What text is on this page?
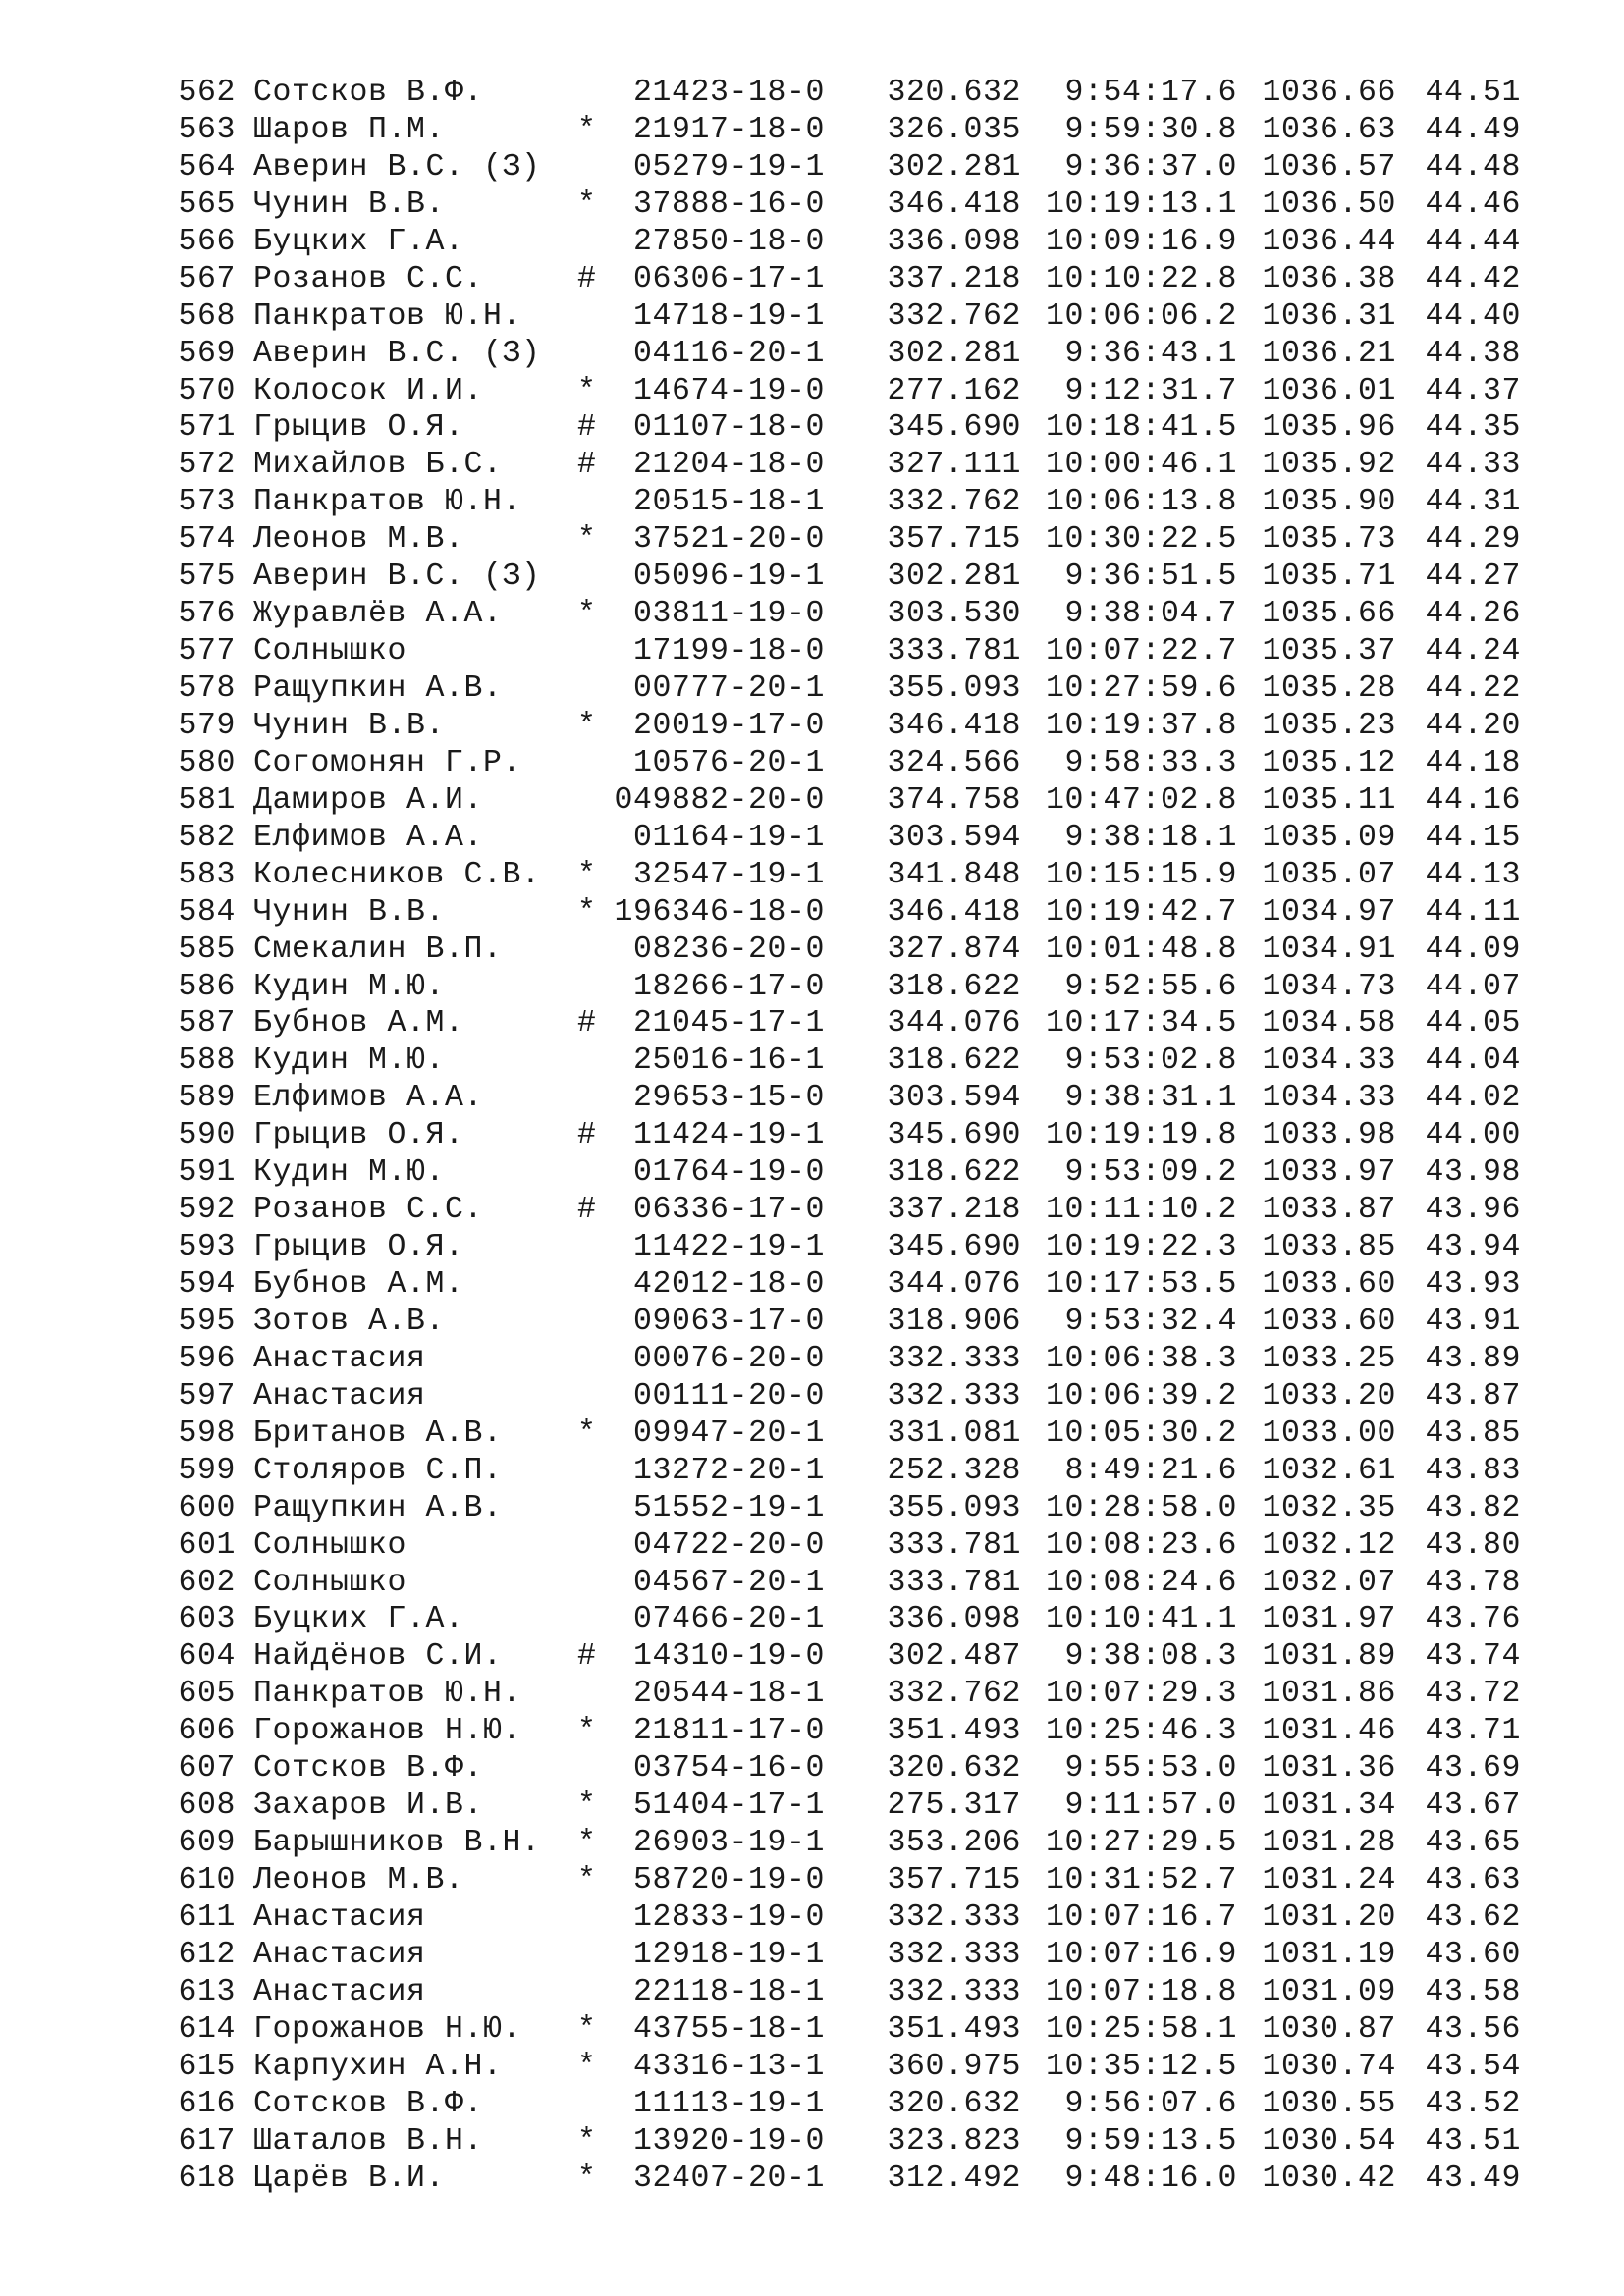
562 Сотсков В.Ф.	21423-18-0 320.632 9:54:17.6 1036.66 44.51
563 Шаров П.М.	* 21917-18-0 326.035 9:59:30.8 1036.63 44.49
564 Аверин В.С. (З)	05279-19-1 302.281 9:36:37.0 1036.57 44.48
565 Чунин В.В.	* 37888-16-0 346.418 10:19:13.1 1036.50 44.46
566 Буцких Г.А.	27850-18-0 336.098 10:09:16.9 1036.44 44.44
567 Розанов С.С.	# 06306-17-1 337.218 10:10:22.8 1036.38 44.42
568 Панкратов Ю.Н.	14718-19-1 332.762 10:06:06.2 1036.31 44.40
569 Аверин В.С. (З)	04116-20-1 302.281 9:36:43.1 1036.21 44.38
570 Колосок И.И.	* 14674-19-0 277.162 9:12:31.7 1036.01 44.37
571 Грыцив О.Я.	# 01107-18-0 345.690 10:18:41.5 1035.96 44.35
572 Михайлов Б.С. # 21204-18-0 327.111 10:00:46.1 1035.92 44.33
573 Панкратов Ю.Н.	20515-18-1 332.762 10:06:13.8 1035.90 44.31
574 Леонов М.В.	* 37521-20-0 357.715 10:30:22.5 1035.73 44.29
575 Аверин В.С. (З)	05096-19-1 302.281 9:36:51.5 1035.71 44.27
576 Журавлёв А.А. * 03811-19-0 303.530 9:38:04.7 1035.66 44.26
577 Солнышко	17199-18-0 333.781 10:07:22.7 1035.37 44.24
578 Ращупкин А.В.	00777-20-1 355.093 10:27:59.6 1035.28 44.22
579 Чунин В.В.	* 20019-17-0 346.418 10:19:37.8 1035.23 44.20
580 Согомонян Г.Р.	10576-20-1 324.566 9:58:33.3 1035.12 44.18
581 Дамиров А.И.	049882-20-0 374.758 10:47:02.8 1035.11 44.16
582 Елфимов А.А.	01164-19-1 303.594 9:38:18.1 1035.09 44.15
583 Колесников С.В. * 32547-19-1 341.848 10:15:15.9 1035.07 44.13
584 Чунин В.В.	* 196346-18-0 346.418 10:19:42.7 1034.97 44.11
585 Смекалин В.П.	08236-20-0 327.874 10:01:48.8 1034.91 44.09
586 Кудин М.Ю.	18266-17-0 318.622 9:52:55.6 1034.73 44.07
587 Бубнов А.М.	# 21045-17-1 344.076 10:17:34.5 1034.58 44.05
588 Кудин М.Ю.	25016-16-1 318.622 9:53:02.8 1034.33 44.04
589 Елфимов А.А.	29653-15-0 303.594 9:38:31.1 1034.33 44.02
590 Грыцив О.Я.	# 11424-19-1 345.690 10:19:19.8 1033.98 44.00
591 Кудин М.Ю.	01764-19-0 318.622 9:53:09.2 1033.97 43.98
592 Розанов С.С.	# 06336-17-0 337.218 10:11:10.2 1033.87 43.96
593 Грыцив О.Я.	11422-19-1 345.690 10:19:22.3 1033.85 43.94
594 Бубнов А.М.	42012-18-0 344.076 10:17:53.5 1033.60 43.93
595 Зотов А.В.	09063-17-0 318.906 9:53:32.4 1033.60 43.91
596 Анастасия	00076-20-0 332.333 10:06:38.3 1033.25 43.89
597 Анастасия	00111-20-0 332.333 10:06:39.2 1033.20 43.87
598 Британов А.В. * 09947-20-1 331.081 10:05:30.2 1033.00 43.85
599 Столяров С.П.	13272-20-1 252.328 8:49:21.6 1032.61 43.83
600 Ращупкин А.В.	51552-19-1 355.093 10:28:58.0 1032.35 43.82
601 Солнышко	04722-20-0 333.781 10:08:23.6 1032.12 43.80
602 Солнышко	04567-20-1 333.781 10:08:24.6 1032.07 43.78
603 Буцких Г.А.	07466-20-1 336.098 10:10:41.1 1031.97 43.76
604 Найдёнов С.И. # 14310-19-0 302.487 9:38:08.3 1031.89 43.74
605 Панкратов Ю.Н.	20544-18-1 332.762 10:07:29.3 1031.86 43.72
606 Горожанов Н.Ю. * 21811-17-0 351.493 10:25:46.3 1031.46 43.71
607 Сотсков В.Ф.	03754-16-0 320.632 9:55:53.0 1031.36 43.69
608 Захаров И.В.	* 51404-17-1 275.317 9:11:57.0 1031.34 43.67
609 Барышников В.Н. * 26903-19-1 353.206 10:27:29.5 1031.28 43.65
610 Леонов М.В.	* 58720-19-0 357.715 10:31:52.7 1031.24 43.63
611 Анастасия	12833-19-0 332.333 10:07:16.7 1031.20 43.62
612 Анастасия	12918-19-1 332.333 10:07:16.9 1031.19 43.60
613 Анастасия	22118-18-1 332.333 10:07:18.8 1031.09 43.58
614 Горожанов Н.Ю. * 43755-18-1 351.493 10:25:58.1 1030.87 43.56
615 Карпухин А.Н. * 43316-13-1 360.975 10:35:12.5 1030.74 43.54
616 Сотсков В.Ф.	11113-19-1 320.632 9:56:07.6 1030.55 43.52
617 Шаталов В.Н.	* 13920-19-0 323.823 9:59:13.5 1030.54 43.51
618 Царёв В.И.	* 32407-20-1 312.492 9:48:16.0 1030.42 43.49
